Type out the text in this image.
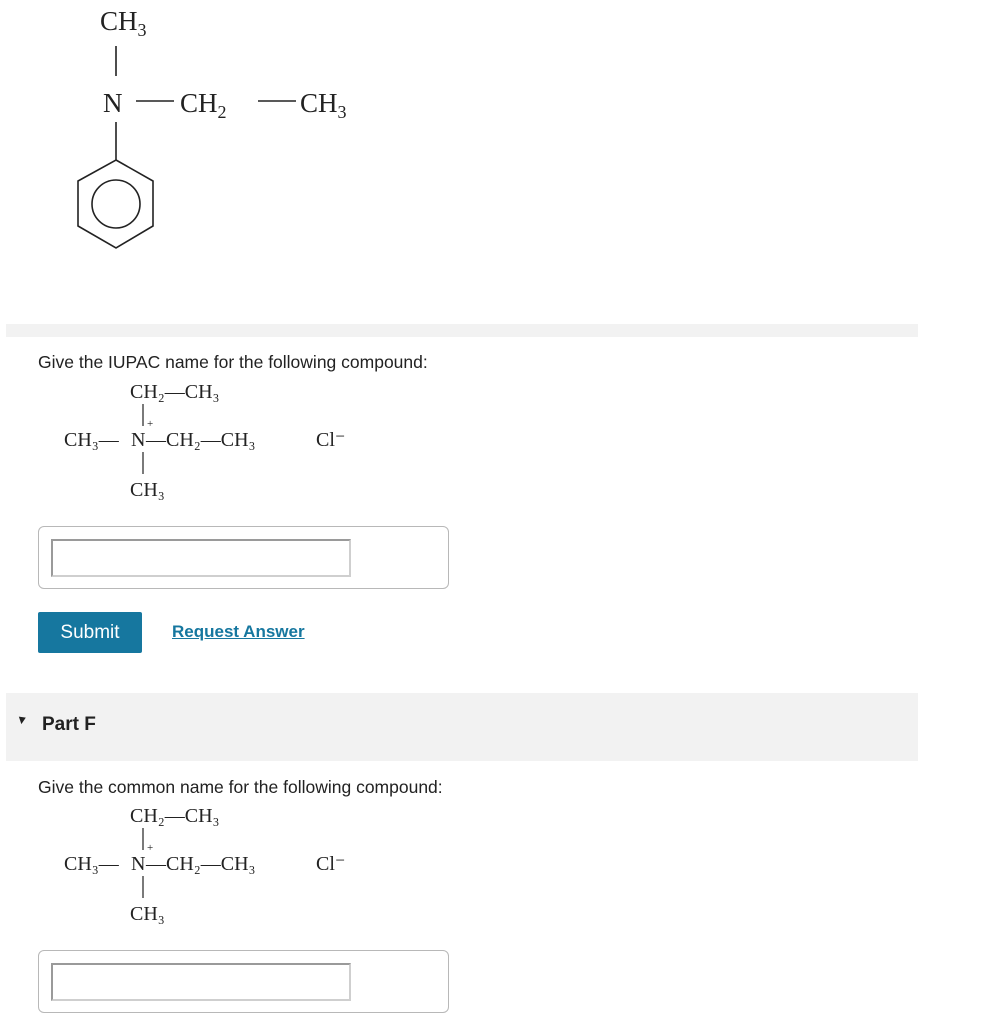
$CH_3$
N $CH_2$	$CH_3$
Give the IUPAC name for the following compound:
CH₂—CH₃
+
CH₃— N —CH₂—CH₃	Cl⁻
CH₃
Submit	Request Answer
▼ Part F
Give the common name for the following compound:
CH₂—CH₃
+
CH₃— N —CH₂—CH₃	Cl⁻
CH₃
